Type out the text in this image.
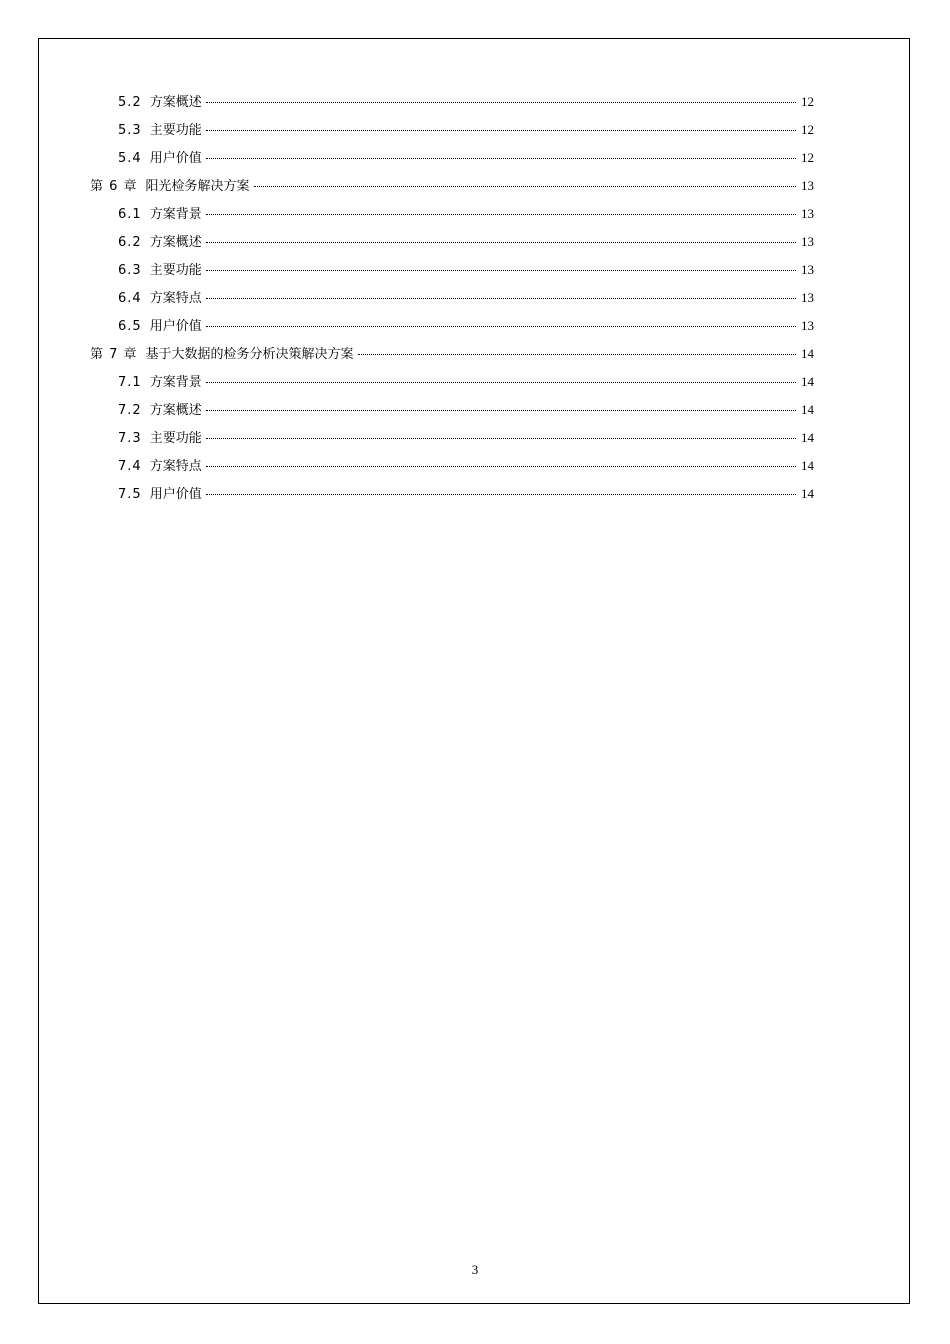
5.2 方案概述	12
5.3 主要功能	12
5.4 用户价值	12
第 6 章 阳光检务解决方案	13
6.1 方案背景	13
6.2 方案概述	13
6.3 主要功能	13
6.4 方案特点	13
6.5 用户价值	13
第 7 章 基于大数据的检务分析决策解决方案	14
7.1 方案背景	14
7.2 方案概述	14
7.3 主要功能	14
7.4 方案特点	14
7.5 用户价值	14
3
